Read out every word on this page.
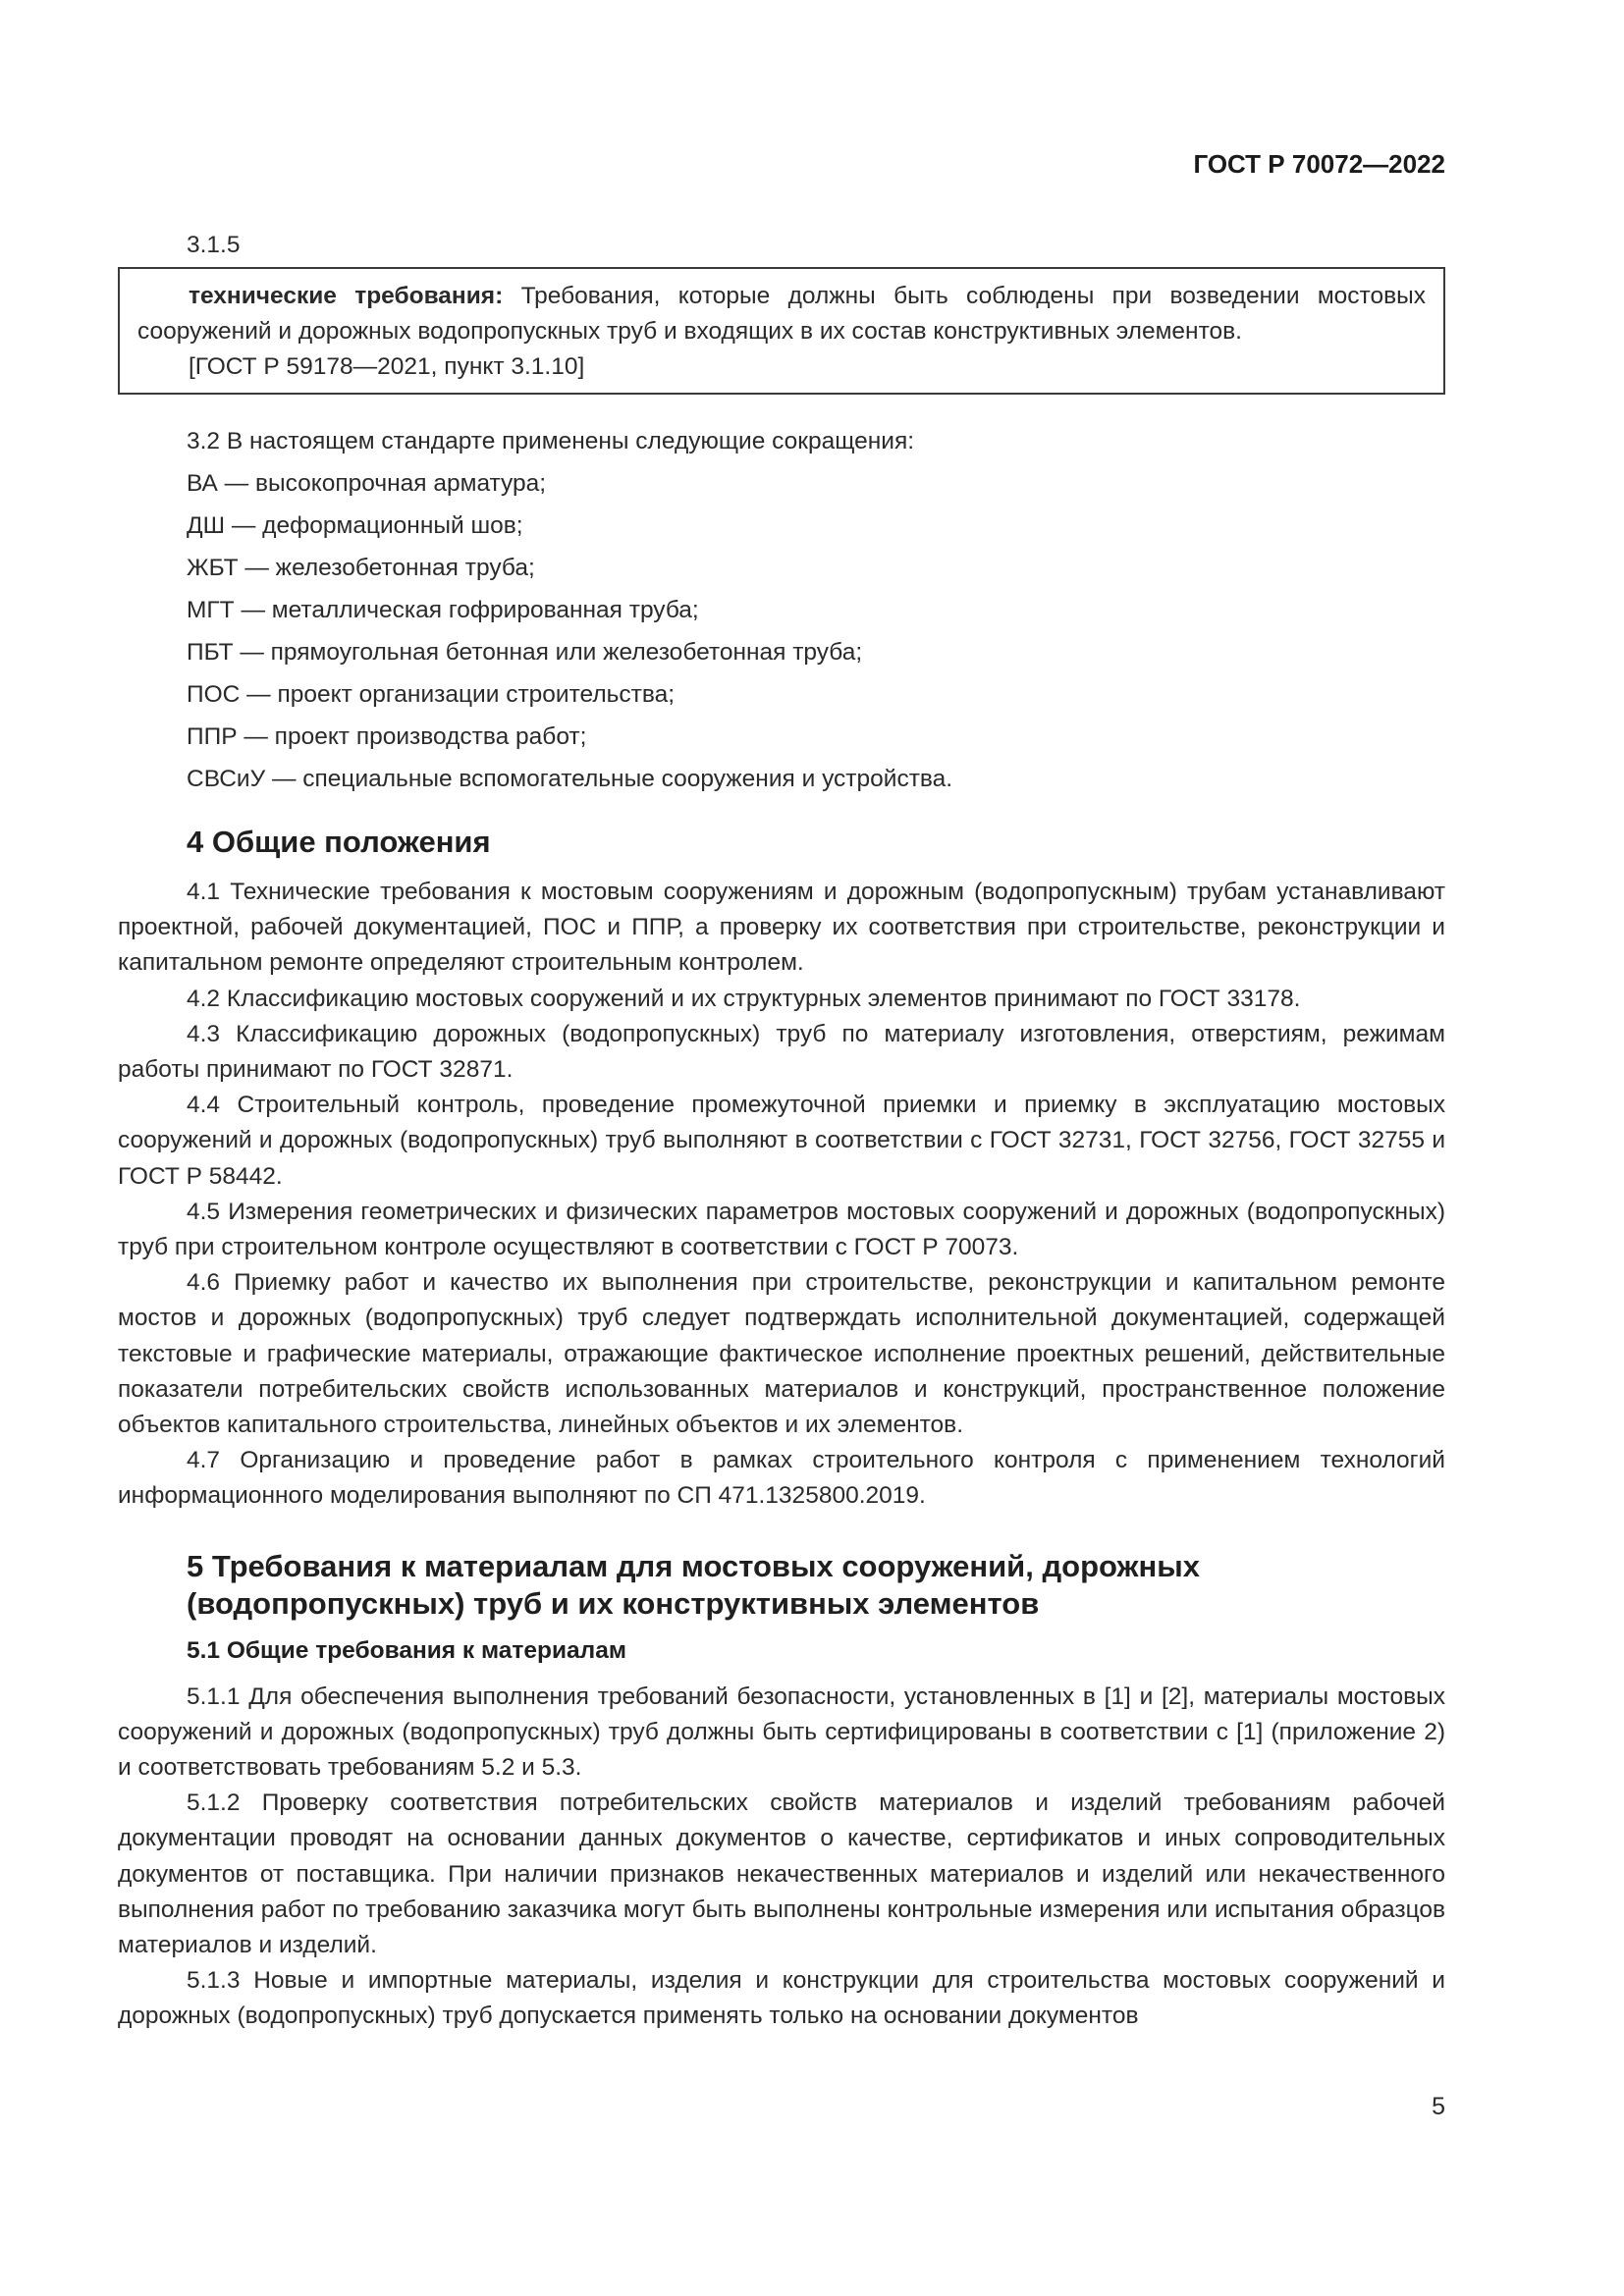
ГОСТ Р 70072—2022
3.1.5
технические требования: Требования, которые должны быть соблюдены при возведении мостовых сооружений и дорожных водопропускных труб и входящих в их состав конструктивных элементов.
[ГОСТ Р 59178—2021, пункт 3.1.10]
3.2 В настоящем стандарте применены следующие сокращения:
ВА — высокопрочная арматура;
ДШ — деформационный шов;
ЖБТ — железобетонная труба;
МГТ — металлическая гофрированная труба;
ПБТ — прямоугольная бетонная или железобетонная труба;
ПОС — проект организации строительства;
ППР — проект производства работ;
СВСиУ — специальные вспомогательные сооружения и устройства.
4 Общие положения

4.1 Технические требования к мостовым сооружениям и дорожным (водопропускным) трубам устанавливают проектной, рабочей документацией, ПОС и ППР, а проверку их соответствия при строительстве, реконструкции и капитальном ремонте определяют строительным контролем.

4.2 Классификацию мостовых сооружений и их структурных элементов принимают по ГОСТ 33178.

4.3 Классификацию дорожных (водопропускных) труб по материалу изготовления, отверстиям, режимам работы принимают по ГОСТ 32871.

4.4 Строительный контроль, проведение промежуточной приемки и приемку в эксплуатацию мостовых сооружений и дорожных (водопропускных) труб выполняют в соответствии с ГОСТ 32731, ГОСТ 32756, ГОСТ 32755 и ГОСТ Р 58442.

4.5 Измерения геометрических и физических параметров мостовых сооружений и дорожных (водопропускных) труб при строительном контроле осуществляют в соответствии с ГОСТ Р 70073.

4.6 Приемку работ и качество их выполнения при строительстве, реконструкции и капитальном ремонте мостов и дорожных (водопропускных) труб следует подтверждать исполнительной документацией, содержащей текстовые и графические материалы, отражающие фактическое исполнение проектных решений, действительные показатели потребительских свойств использованных материалов и конструкций, пространственное положение объектов капитального строительства, линейных объектов и их элементов.

4.7 Организацию и проведение работ в рамках строительного контроля с применением технологий информационного моделирования выполняют по СП 471.1325800.2019.

5 Требования к материалам для мостовых сооружений, дорожных
(водопропускных) труб и их конструктивных элементов
5.1 Общие требования к материалам

5.1.1 Для обеспечения выполнения требований безопасности, установленных в [1] и [2], материалы мостовых сооружений и дорожных (водопропускных) труб должны быть сертифицированы в соответствии с [1] (приложение 2) и соответствовать требованиям 5.2 и 5.3.

5.1.2 Проверку соответствия потребительских свойств материалов и изделий требованиям рабочей документации проводят на основании данных документов о качестве, сертификатов и иных сопроводительных документов от поставщика. При наличии признаков некачественных материалов и изделий или некачественного выполнения работ по требованию заказчика могут быть выполнены контрольные измерения или испытания образцов материалов и изделий.

5.1.3 Новые и импортные материалы, изделия и конструкции для строительства мостовых сооружений и дорожных (водопропускных) труб допускается применять только на основании документов

5
